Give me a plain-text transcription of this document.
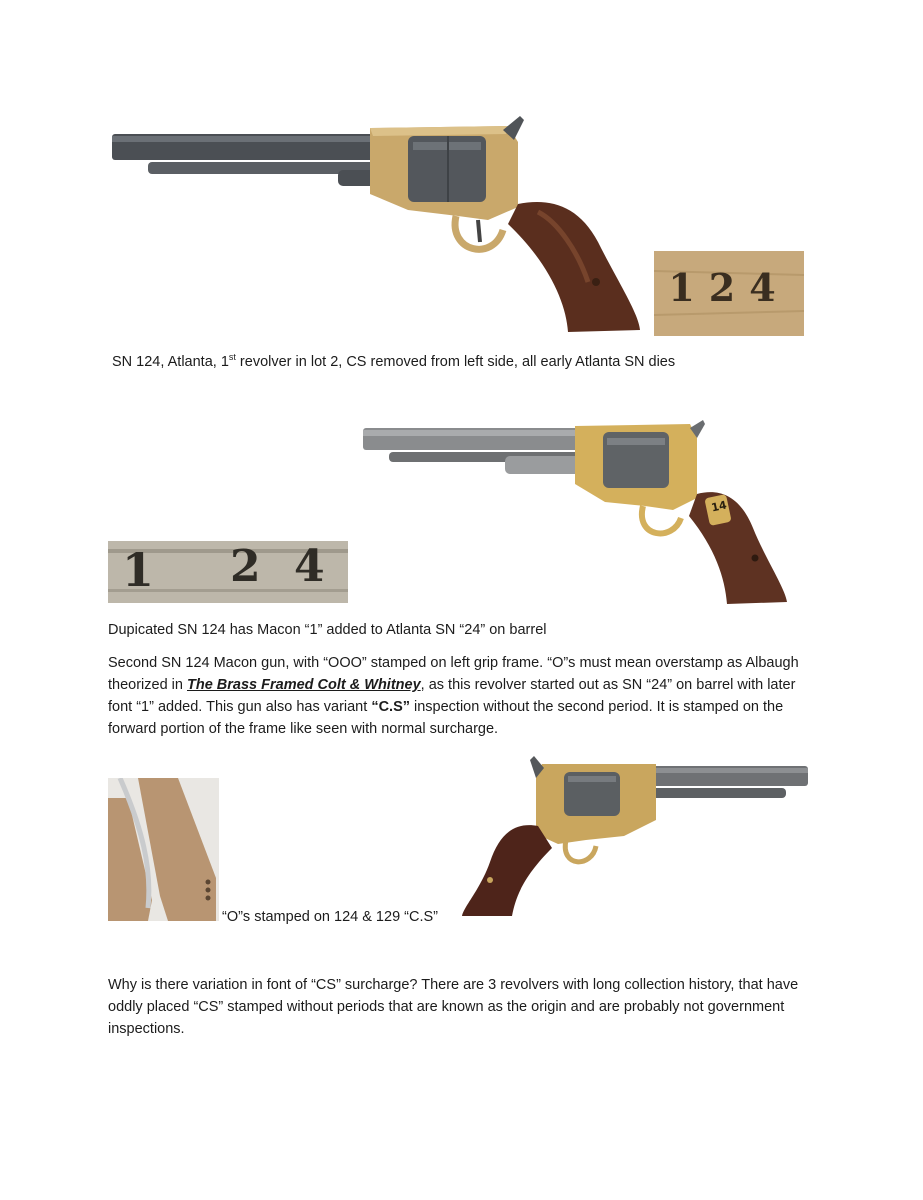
124
SN 124, Atlanta, 1st revolver in lot 2, CS removed from left side, all early Atlanta SN dies
14
1 2 4
Dupicated SN 124 has Macon “1” added to Atlanta SN “24” on barrel
Second SN 124 Macon gun, with “OOO” stamped on left grip frame. “O”s must mean overstamp as Albaugh theorized in The Brass Framed Colt & Whitney, as this revolver started out as SN “24” on barrel with later font “1” added. This gun also has variant “C.S” inspection without the second period. It is stamped on the forward portion of the frame like seen with normal surcharge.
“O”s stamped on 124 & 129 “C.S”
Why is there variation in font of “CS” surcharge? There are 3 revolvers with long collection history, that have oddly placed “CS” stamped without periods that are known as the origin and are probably not government inspections.
